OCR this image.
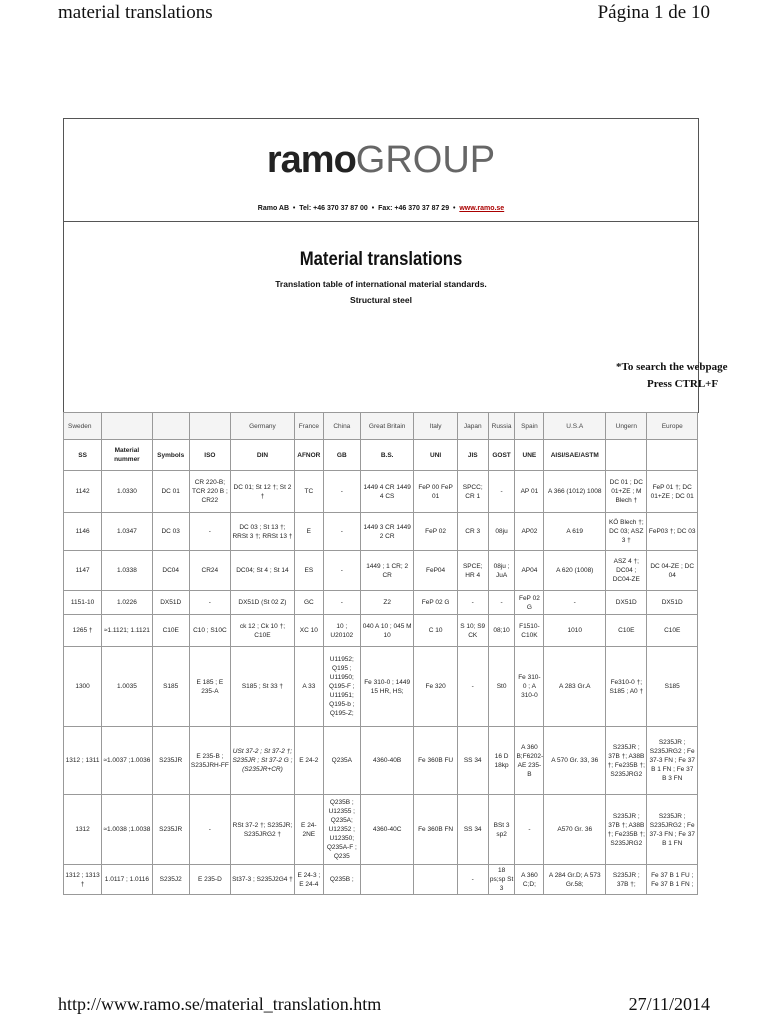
material translations	Página 1 de 10
ramoGROUP
Ramo AB  •  Tel: +46 370 37 87 00  •  Fax: +46 370 37 87 29  •  www.ramo.se
Material translations
Translation table of international material standards.
Structural steel
*To search the webpage
Press CTRL+F
Sweden				Germany	France	China	Great Britain	Italy	Japan	Russia	Spain	U.S.A	Ungern	Europe
SS	Material nummer	Symbols	ISO	DIN	AFNOR	GB	B.S.	UNI	JIS	GOST	UNE	AISI/SAE/ASTM		
1142	1.0330	DC 01	CR 220-B; TCR 220 B ; CR22	DC 01; St 12 †; St 2 †	TC	-	1449 4 CR 1449 4 CS	FeP 00 FeP 01	SPCC; CR 1	-	AP 01	A 366 (1012) 1008	DC 01 ; DC 01+ZE ; M Blech †	FeP 01 †; DC 01+ZE ; DC 01
1146	1.0347	DC 03	-	DC 03 ; St 13 †; RRSt 3 †; RRSt 13 †	E	-	1449 3 CR 1449 2 CR	FeP 02	CR 3	08ju	AP02	A 619	KÖ Blech †; DC 03; ASZ 3 †	FeP03 †; DC 03
1147	1.0338	DC04	CR24	DC04; St 4 ; St 14	ES	-	1449 ; 1 CR; 2 CR	FeP04	SPCE; HR 4	08ju ; JuA	AP04	A 620 (1008)	ASZ 4 †; DC04 ; DC04-ZE	DC 04-ZE ; DC 04
1151-10	1.0226	DX51D	-	DX51D (St 02 Z)	GC	-	Z2	FeP 02 G	-	-	FeP 02 G	-	DX51D	DX51D
1265 †	≈1.1121; 1.1121	C10E	C10 ; S10C	ck 12 ; Ck 10 †; C10E	XC 10	10 ; U20102	040 A 10 ; 045 M 10	C 10	S 10; S9 CK	08;10	F1510-C10K	1010	C10E	C10E
1300	1.0035	S185	E 185 ; E 235-A	S185 ; St 33 †	A 33	U11952; Q195 ; U11950; Q195-F ; U11951; Q195-b ; Q195-Z;	Fe 310-0 ; 1449 15 HR, HS;	Fe 320	-	St0	Fe 310-0 ; A 310-0	A 283 Gr.A	Fe310-0 †; S185 ; A0 †	S185
1312 ; 1311	≈1.0037 ;1.0036	S235JR	E 235-B ; S235JRH-FF	USt 37-2 ; St 37-2 †; S235JR ; St 37-2 G ; (S235JR+CR)	E 24-2	Q235A	4360-40B	Fe 360B FU	SS 34	16 D 18kp	A 360 B;F6202-AE 235-B	A 570 Gr. 33, 36	S235JR ; 37B †; A38B †; Fe235B †; S235JRG2	S235JR ; S235JRG2 ; Fe 37-3 FN ; Fe 37 B 1 FN ; Fe 37 B 3 FN
1312	≈1.0038 ;1.0038	S235JR	-	RSt 37-2 †; S235JR; S235JRG2 †	E 24-2NE	Q235B ; U12355 ; Q235A; U12352 ; U12350; Q235A-F ; Q235	4360-40C	Fe 360B FN	SS 34	BSt 3 sp2	-	A570 Gr. 36	S235JR ; 37B †; A38B †; Fe235B †; S235JRG2	S235JR ; S235JRG2 ; Fe 37-3 FN ; Fe 37 B 1 FN
1312 ; 1313 †	1.0117 ; 1.0116	S235J2	E 235-D	St37-3 ; S235J2G4 †	E 24-3 ; E 24-4	Q235B ;			-	18 ps;sp St 3	A 360 C;D;	A 284 Gr.D; A 573 Gr.58;	S235JR ; 37B †;	Fe 37 B 1 FU ; Fe 37 B 1 FN ;
http://www.ramo.se/material_translation.htm	27/11/2014
